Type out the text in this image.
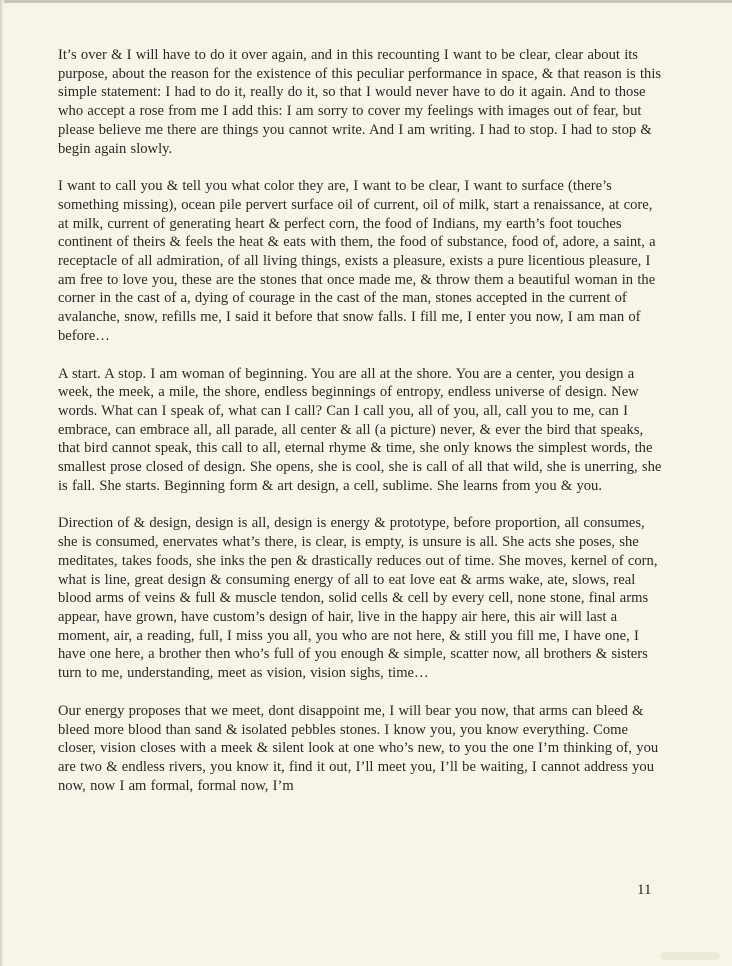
It’s over & I will have to do it over again, and in this recounting I want to be clear, clear about its purpose, about the reason for the existence of this peculiar performance in space, & that reason is this simple statement: I had to do it, really do it, so that I would never have to do it again. And to those who accept a rose from me I add this: I am sorry to cover my feelings with images out of fear, but please believe me there are things you cannot write. And I am writing. I had to stop. I had to stop & begin again slowly.

I want to call you & tell you what color they are, I want to be clear, I want to surface (there’s something missing), ocean pile pervert surface oil of current, oil of milk, start a renaissance, at core, at milk, current of generating heart & perfect corn, the food of Indians, my earth’s foot touches continent of theirs & feels the heat & eats with them, the food of substance, food of, adore, a saint, a receptacle of all admiration, of all living things, exists a pleasure, exists a pure licentious pleasure, I am free to love you, these are the stones that once made me, & throw them a beautiful woman in the corner in the cast of a, dying of courage in the cast of the man, stones accepted in the current of avalanche, snow, refills me, I said it before that snow falls. I fill me, I enter you now, I am man of before…

A start. A stop. I am woman of beginning. You are all at the shore. You are a center, you design a week, the meek, a mile, the shore, endless beginnings of entropy, endless universe of design. New words. What can I speak of, what can I call? Can I call you, all of you, all, call you to me, can I embrace, can embrace all, all parade, all center & all (a picture) never, & ever the bird that speaks, that bird cannot speak, this call to all, eternal rhyme & time, she only knows the simplest words, the smallest prose closed of design. She opens, she is cool, she is call of all that wild, she is unerring, she is fall. She starts. Beginning form & art design, a cell, sublime. She learns from you & you.

Direction of & design, design is all, design is energy & prototype, before proportion, all consumes, she is consumed, enervates what’s there, is clear, is empty, is unsure is all. She acts she poses, she meditates, takes foods, she inks the pen & drastically reduces out of time. She moves, kernel of corn, what is line, great design & consuming energy of all to eat love eat & arms wake, ate, slows, real blood arms of veins & full & muscle tendon, solid cells & cell by every cell, none stone, final arms appear, have grown, have custom’s design of hair, live in the happy air here, this air will last a moment, air, a reading, full, I miss you all, you who are not here, & still you fill me, I have one, I have one here, a brother then who’s full of you enough & simple, scatter now, all brothers & sisters turn to me, understanding, meet as vision, vision sighs, time…

Our energy proposes that we meet, dont disappoint me, I will bear you now, that arms can bleed & bleed more blood than sand & isolated pebbles stones. I know you, you know everything. Come closer, vision closes with a meek & silent look at one who’s new, to you the one I’m thinking of, you are two & endless rivers, you know it, find it out, I’ll meet you, I’ll be waiting, I cannot address you now, now I am formal, formal now, I’m

11
